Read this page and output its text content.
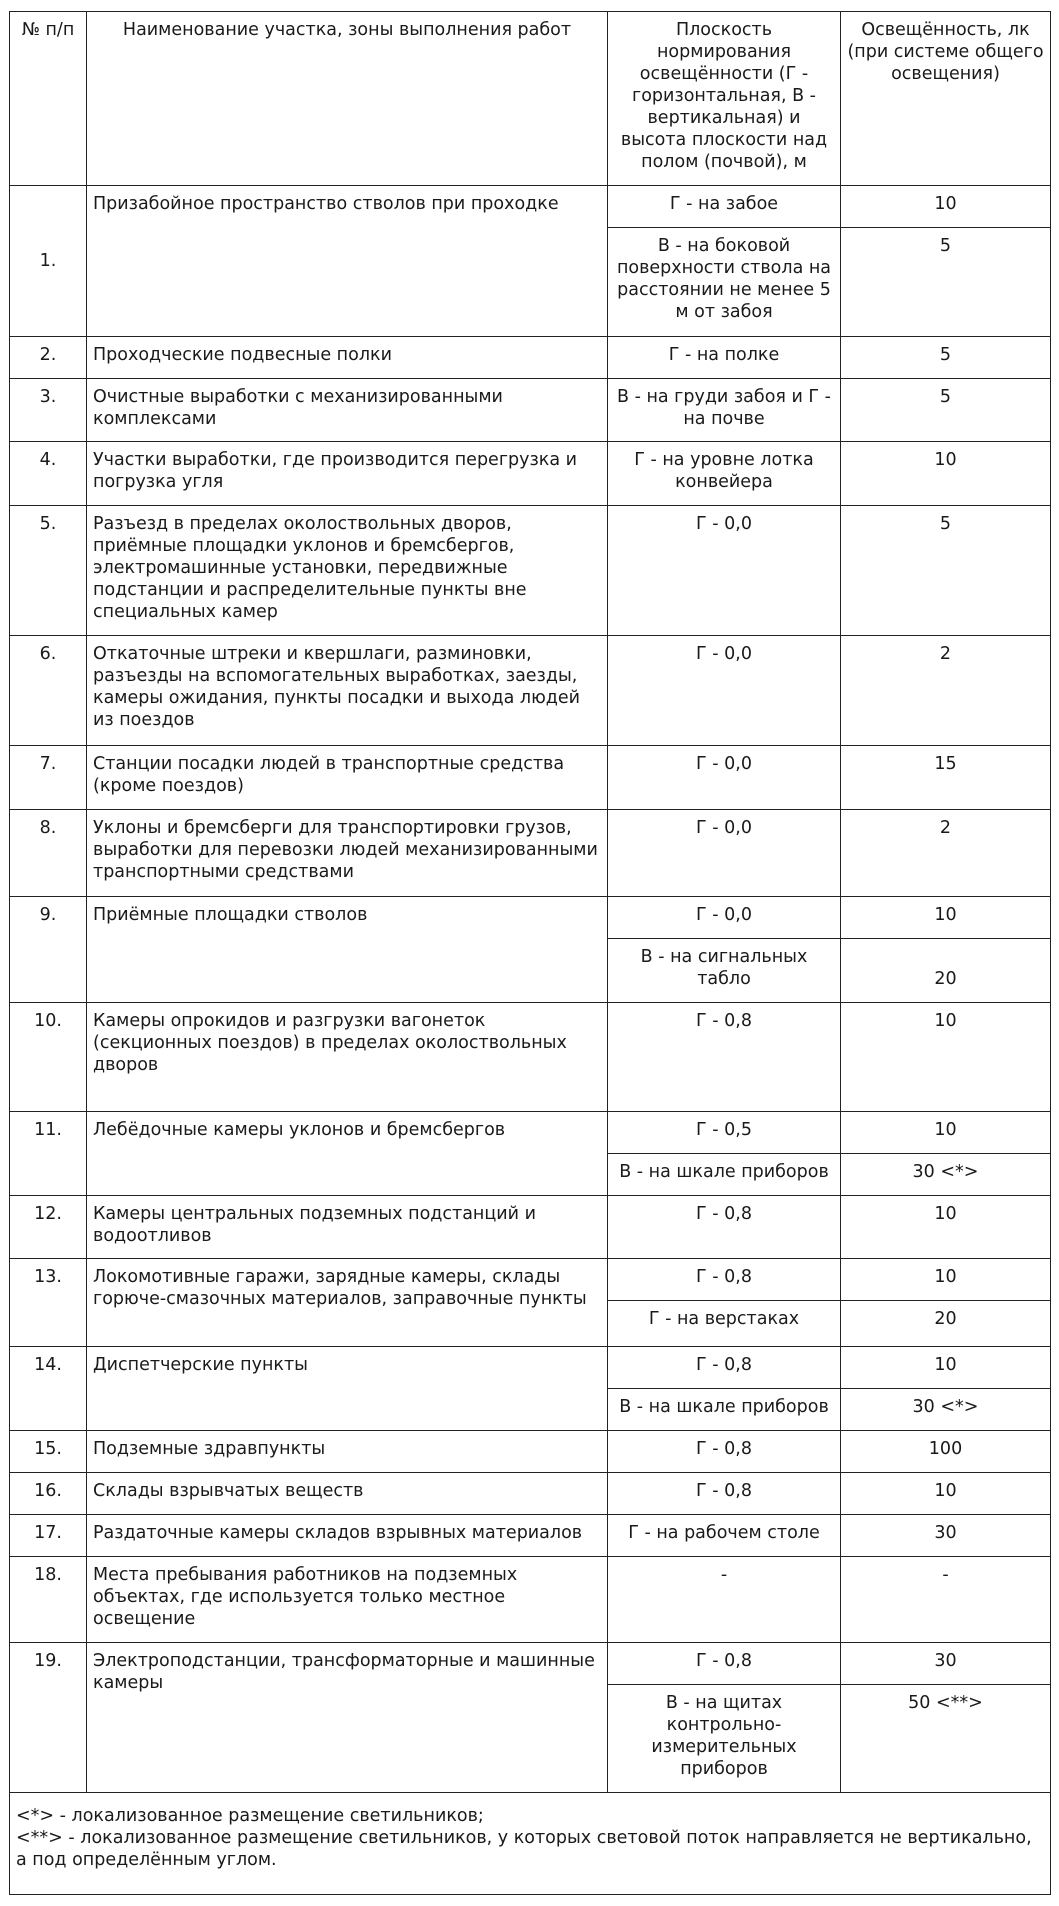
№ п/п	Наименование участка, зоны выполнения работ	Плоскость нормирования освещённости (Г - горизонтальная, В - вертикальная) и высота плоскости над полом (почвой), м	Освещённость, лк (при системе общего освещения)
1.	Призабойное пространство стволов при проходке	Г - на забое	10
		В - на боковой поверхности ствола на расстоянии не менее 5 м от забоя	5
2.	Проходческие подвесные полки	Г - на полке	5
3.	Очистные выработки с механизированными комплексами	В - на груди забоя и Г - на почве	5
4.	Участки выработки, где производится перегрузка и погрузка угля	Г - на уровне лотка конвейера	10
5.	Разъезд в пределах околоствольных дворов, приёмные площадки уклонов и бремсбергов, электромашинные установки, передвижные подстанции и распределительные пункты вне специальных камер	Г - 0,0	5
6.	Откаточные штреки и квершлаги, разминовки, разъезды на вспомогательных выработках, заезды, камеры ожидания, пункты посадки и выхода людей из поездов	Г - 0,0	2
7.	Станции посадки людей в транспортные средства (кроме поездов)	Г - 0,0	15
8.	Уклоны и бремсберги для транспортировки грузов, выработки для перевозки людей механизированными транспортными средствами	Г - 0,0	2
9.	Приёмные площадки стволов	Г - 0,0	10
		В - на сигнальных табло	20
10.	Камеры опрокидов и разгрузки вагонеток (секционных поездов) в пределах околоствольных дворов	Г - 0,8	10
11.	Лебёдочные камеры уклонов и бремсбергов	Г - 0,5	10
		В - на шкале приборов	30 <*>
12.	Камеры центральных подземных подстанций и водоотливов	Г - 0,8	10
13.	Локомотивные гаражи, зарядные камеры, склады горюче-смазочных материалов, заправочные пункты	Г - 0,8	10
		Г - на верстаках	20
14.	Диспетчерские пункты	Г - 0,8	10
		В - на шкале приборов	30 <*>
15.	Подземные здравпункты	Г - 0,8	100
16.	Склады взрывчатых веществ	Г - 0,8	10
17.	Раздаточные камеры складов взрывных материалов	Г - на рабочем столе	30
18.	Места пребывания работников на подземных объектах, где используется только местное освещение	-	-
19.	Электроподстанции, трансформаторные и машинные камеры	Г - 0,8	30
		В - на щитах контрольно-измерительных приборов	50 <**>

<*> - локализованное размещение светильников;
<**> - локализованное размещение светильников, у которых световой поток направляется не вертикально, а под определённым углом.			
